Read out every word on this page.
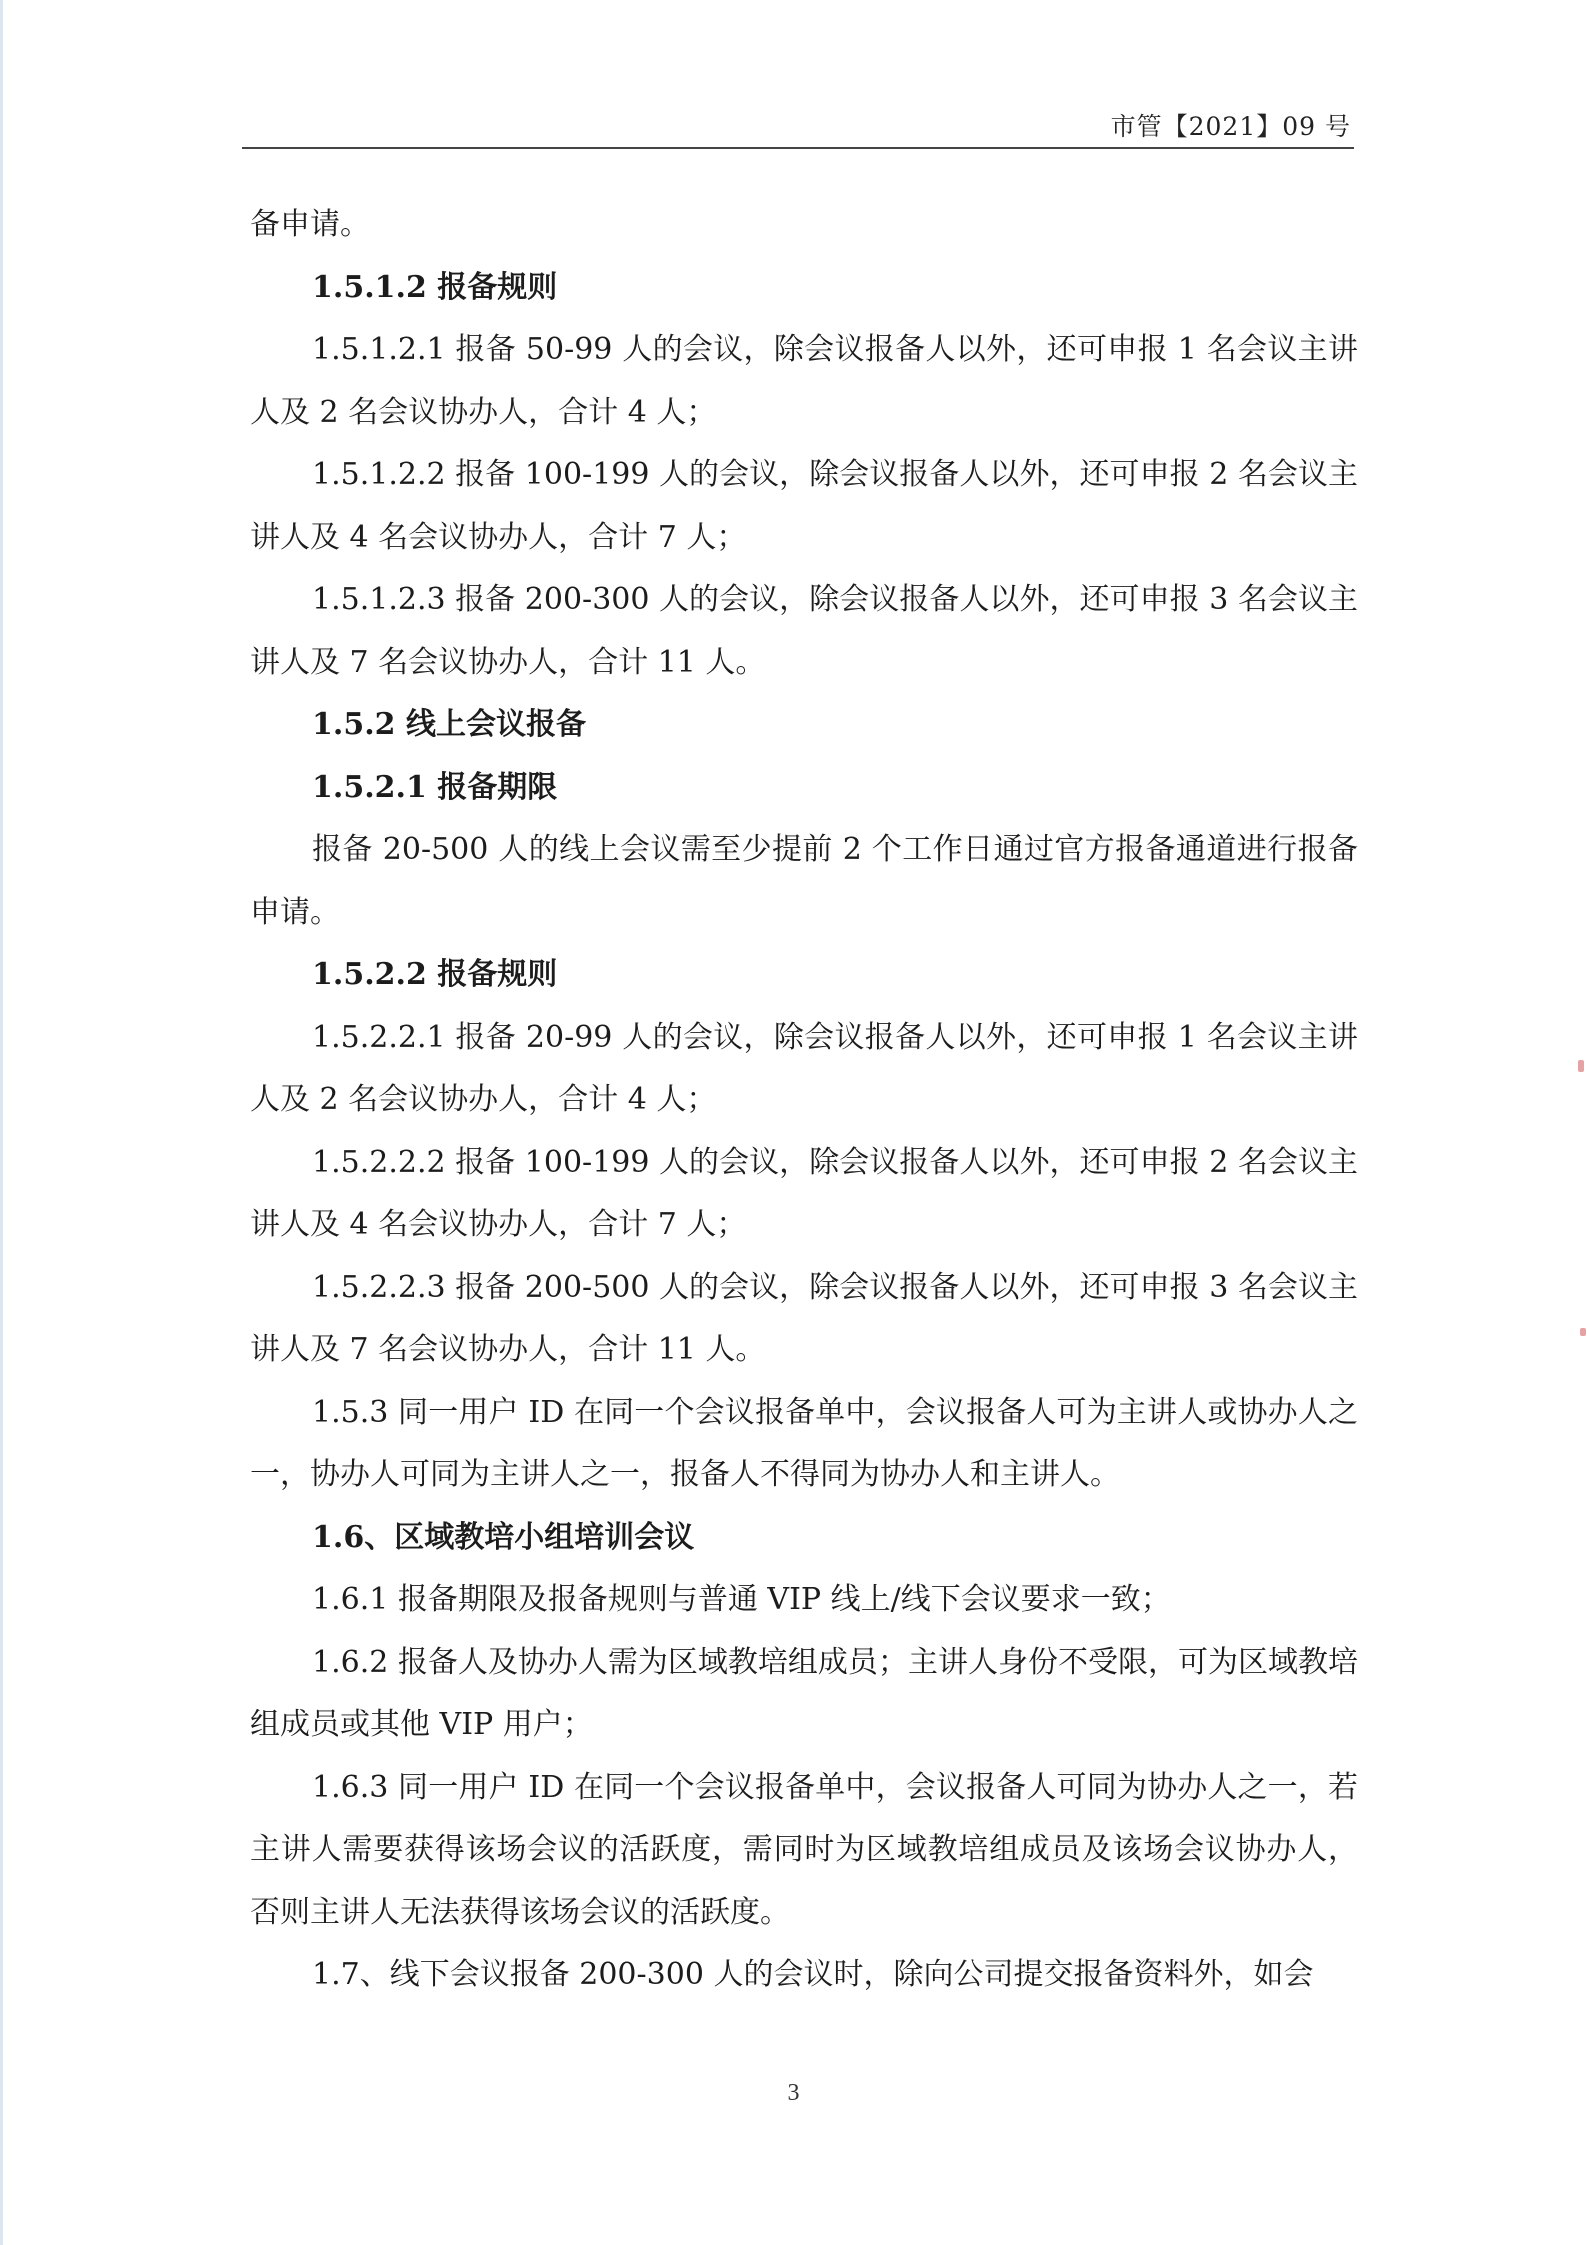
市管【2021】09 号

备申请。

1.5.1.2 报备规则

1.5.1.2.1 报备 50-99 人的会议，除会议报备人以外，还可申报 1 名会议主讲人及 2 名会议协办人，合计 4 人；

1.5.1.2.2 报备 100-199 人的会议，除会议报备人以外，还可申报 2 名会议主讲人及 4 名会议协办人，合计 7 人；

1.5.1.2.3 报备 200-300 人的会议，除会议报备人以外，还可申报 3 名会议主讲人及 7 名会议协办人，合计 11 人。

1.5.2 线上会议报备

1.5.2.1 报备期限

报备 20-500 人的线上会议需至少提前 2 个工作日通过官方报备通道进行报备申请。

1.5.2.2 报备规则

1.5.2.2.1 报备 20-99 人的会议，除会议报备人以外，还可申报 1 名会议主讲人及 2 名会议协办人，合计 4 人；

1.5.2.2.2 报备 100-199 人的会议，除会议报备人以外，还可申报 2 名会议主讲人及 4 名会议协办人，合计 7 人；

1.5.2.2.3 报备 200-500 人的会议，除会议报备人以外，还可申报 3 名会议主讲人及 7 名会议协办人，合计 11 人。

1.5.3 同一用户 ID 在同一个会议报备单中，会议报备人可为主讲人或协办人之一，协办人可同为主讲人之一，报备人不得同为协办人和主讲人。

1.6、区域教培小组培训会议

1.6.1 报备期限及报备规则与普通 VIP 线上/线下会议要求一致；

1.6.2 报备人及协办人需为区域教培组成员；主讲人身份不受限，可为区域教培组成员或其他 VIP 用户；

1.6.3 同一用户 ID 在同一个会议报备单中，会议报备人可同为协办人之一，若主讲人需要获得该场会议的活跃度，需同时为区域教培组成员及该场会议协办人，否则主讲人无法获得该场会议的活跃度。

1.7、线下会议报备 200-300 人的会议时，除向公司提交报备资料外，如会

3
